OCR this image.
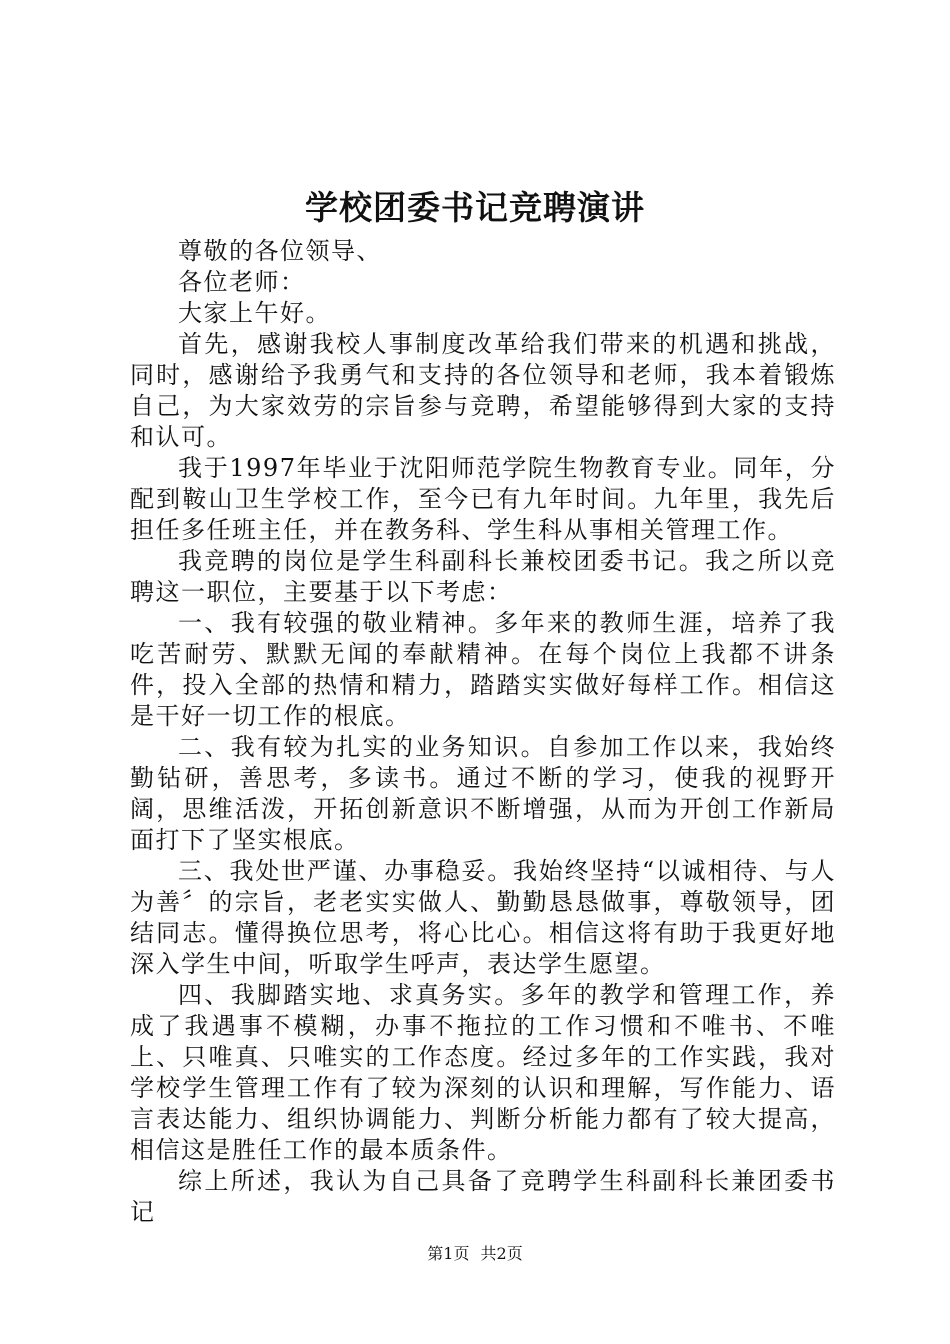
学校团委书记竞聘演讲

尊敬的各位领导、

各位老师：

大家上午好。

首先，感谢我校人事制度改革给我们带来的机遇和挑战，同时，感谢给予我勇气和支持的各位领导和老师，我本着锻炼自己，为大家效劳的宗旨参与竞聘，希望能够得到大家的支持和认可。

我于1997年毕业于沈阳师范学院生物教育专业。同年，分配到鞍山卫生学校工作，至今已有九年时间。九年里，我先后担任多任班主任，并在教务科、学生科从事相关管理工作。

我竞聘的岗位是学生科副科长兼校团委书记。我之所以竞聘这一职位，主要基于以下考虑：

一、我有较强的敬业精神。多年来的教师生涯，培养了我吃苦耐劳、默默无闻的奉献精神。在每个岗位上我都不讲条件，投入全部的热情和精力，踏踏实实做好每样工作。相信这是干好一切工作的根底。

二、我有较为扎实的业务知识。自参加工作以来，我始终勤钻研，善思考，多读书。通过不断的学习，使我的视野开阔，思维活泼，开拓创新意识不断增强，从而为开创工作新局面打下了坚实根底。

三、我处世严谨、办事稳妥。我始终坚持“以诚相待、与人为善〞的宗旨，老老实实做人、勤勤恳恳做事，尊敬领导，团结同志。懂得换位思考，将心比心。相信这将有助于我更好地深入学生中间，听取学生呼声，表达学生愿望。

四、我脚踏实地、求真务实。多年的教学和管理工作，养成了我遇事不模糊，办事不拖拉的工作习惯和不唯书、不唯上、只唯真、只唯实的工作态度。经过多年的工作实践，我对学校学生管理工作有了较为深刻的认识和理解，写作能力、语言表达能力、组织协调能力、判断分析能力都有了较大提高，相信这是胜任工作的最本质条件。

综上所述，我认为自己具备了竞聘学生科副科长兼团委书记

第1页 共2页
